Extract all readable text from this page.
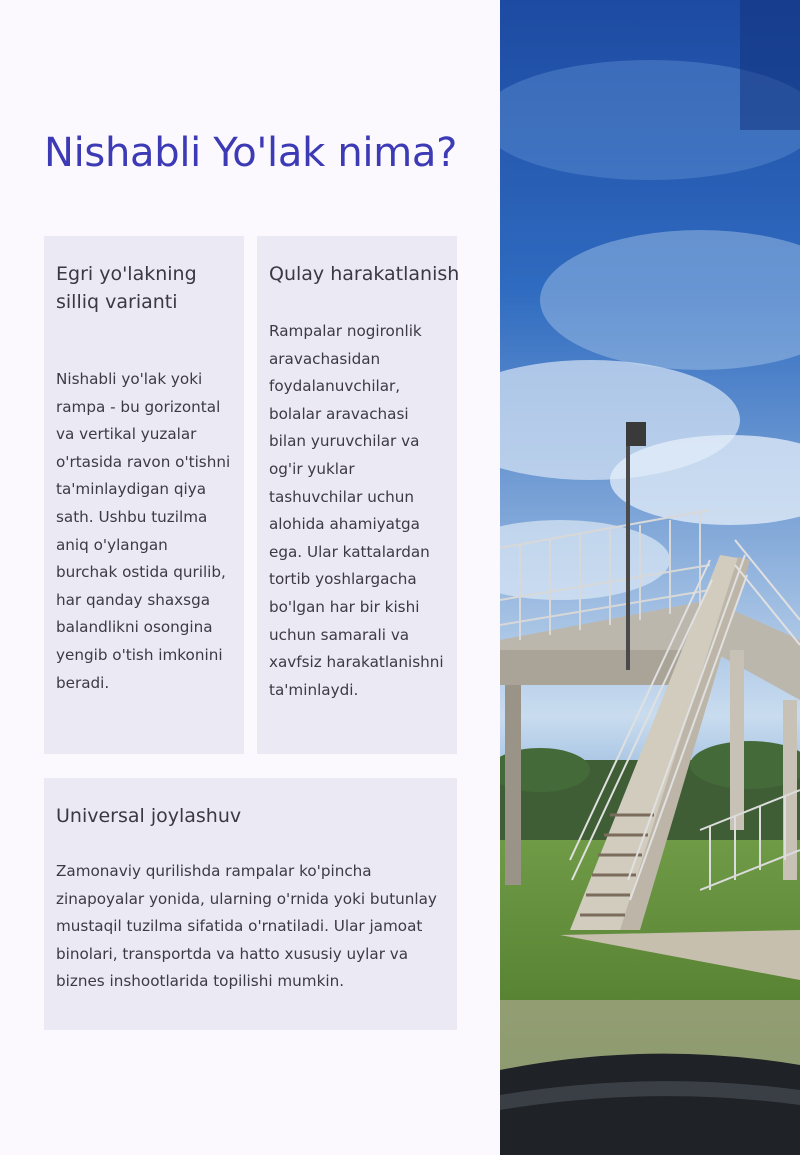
Nishabli Yo'lak nima?
Egri yo'lakning silliq varianti

Nishabli yo'lak yoki rampa - bu gorizontal va vertikal yuzalar o'rtasida ravon o'tishni ta'minlaydigan qiya sath. Ushbu tuzilma aniq o'ylangan burchak ostida qurilib, har qanday shaxsga balandlikni osongina yengib o'tish imkonini beradi.

Qulay harakatlanish

Rampalar nogironlik aravachasidan foydalanuvchilar, bolalar aravachasi bilan yuruvchilar va og'ir yuklar tashuvchilar uchun alohida ahamiyatga ega. Ular kattalardan tortib yoshlargacha bo'lgan har bir kishi uchun samarali va xavfsiz harakatlanishni ta'minlaydi.

Universal joylashuv

Zamonaviy qurilishda rampalar ko'pincha zinapoyalar yonida, ularning o'rnida yoki butunlay mustaqil tuzilma sifatida o'rnatiladi. Ular jamoat binolari, transportda va hatto xususiy uylar va biznes inshootlarida topilishi mumkin.
